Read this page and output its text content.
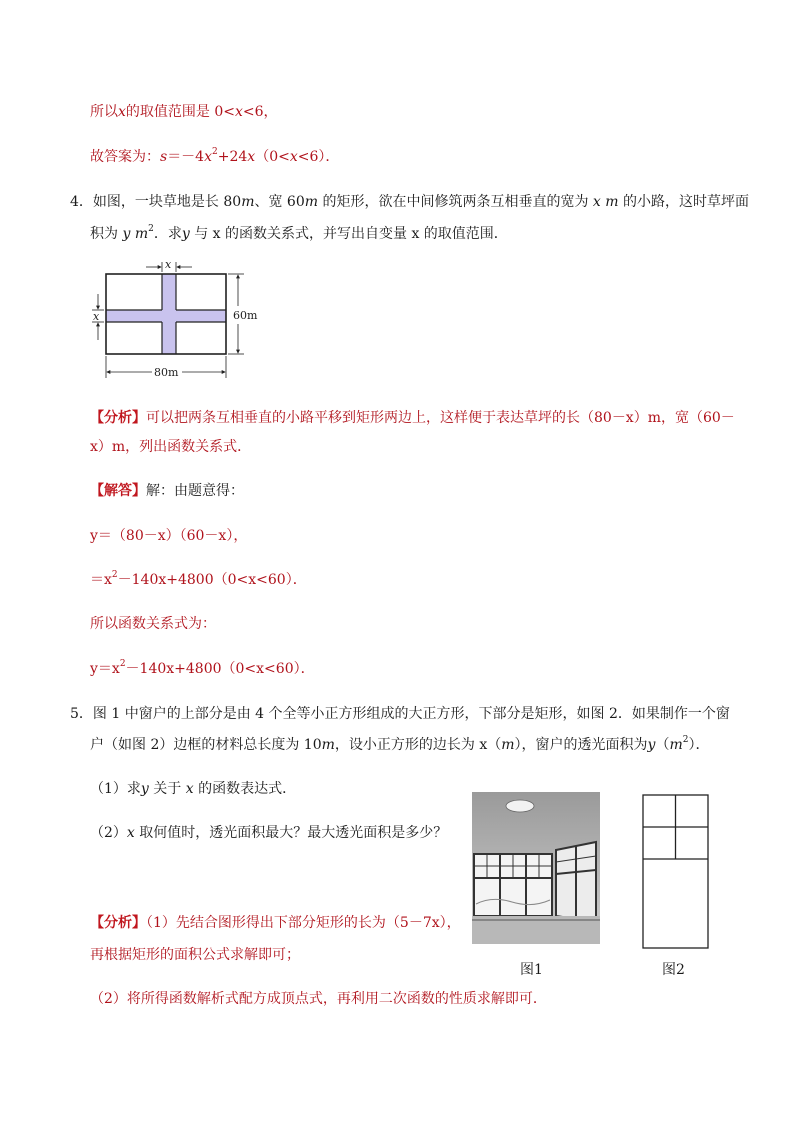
所以x的取值范围是 0<x<6，
故答案为：$s=-4x^2+24x(0<x<6)$．
4．如图，一块草地是长 80m、宽 60m 的矩形，欲在中间修筑两条互相垂直的宽为 x m 的小路，这时草坪面
积为 y $m^2$．求y 与 x 的函数关系式，并写出自变量 x 的取值范围．
x
x	60m
80m
【分析】可以把两条互相垂直的小路平移到矩形两边上，这样便于表达草坪的长（80－x）m，宽（60－
x）m，列出函数关系式．
【解答】解：由题意得：
y＝（80－x）（60－x），
$=x^2-140x+4800(0<x<60)$．
所以函数关系式为：
$y=x^2-140x+4800(0<x<60)$．
5．图 1 中窗户的上部分是由 4 个全等小正方形组成的大正方形，下部分是矩形，如图 2．如果制作一个窗
户（如图 2）边框的材料总长度为 10m，设小正方形的边长为 x（m），窗户的透光面积为$y(m^2)$．
（1）求y 关于 x 的函数表达式．
（2）x 取何值时，透光面积最大？最大透光面积是多少？
图1	图2
【分析】（1）先结合图形得出下部分矩形的长为（5－7x），
再根据矩形的面积公式求解即可；
（2）将所得函数解析式配方成顶点式，再利用二次函数的性质求解即可．
